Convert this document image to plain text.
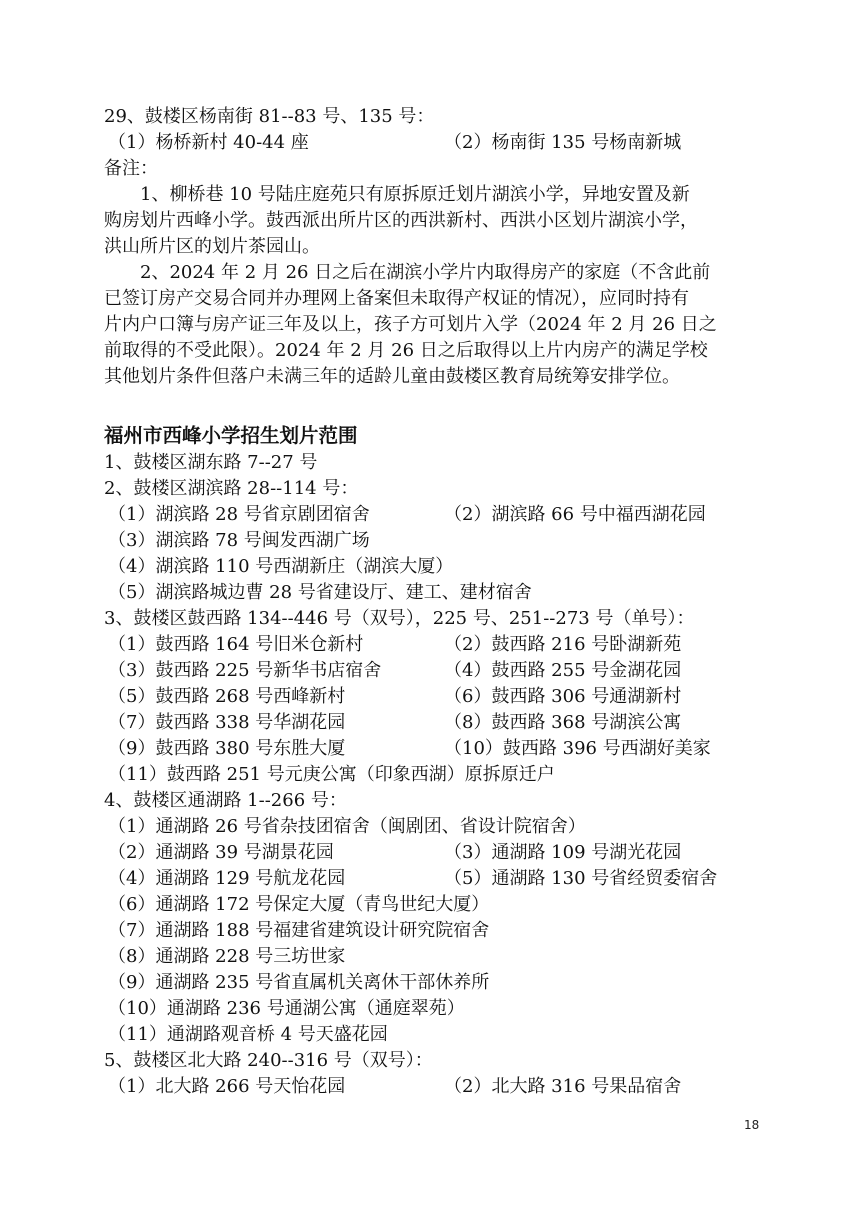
29、鼓楼区杨南街 81--83 号、135 号：
（1）杨桥新村 40-44 座	（2）杨南街 135 号杨南新城
备注：
1、柳桥巷 10 号陆庄庭苑只有原拆原迁划片湖滨小学，异地安置及新
购房划片西峰小学。鼓西派出所片区的西洪新村、西洪小区划片湖滨小学，
洪山所片区的划片茶园山。
2、2024 年 2 月 26 日之后在湖滨小学片内取得房产的家庭（不含此前
已签订房产交易合同并办理网上备案但未取得产权证的情况），应同时持有
片内户口簿与房产证三年及以上，孩子方可划片入学（2024 年 2 月 26 日之
前取得的不受此限）。2024 年 2 月 26 日之后取得以上片内房产的满足学校
其他划片条件但落户未满三年的适龄儿童由鼓楼区教育局统筹安排学位。
福州市西峰小学招生划片范围
1、鼓楼区湖东路 7--27 号
2、鼓楼区湖滨路 28--114 号：
（1）湖滨路 28 号省京剧团宿舍	（2）湖滨路 66 号中福西湖花园
（3）湖滨路 78 号闽发西湖广场
（4）湖滨路 110 号西湖新庄（湖滨大厦）
（5）湖滨路城边曹 28 号省建设厅、建工、建材宿舍
3、鼓楼区鼓西路 134--446 号（双号），225 号、251--273 号（单号）：
（1）鼓西路 164 号旧米仓新村	（2）鼓西路 216 号卧湖新苑
（3）鼓西路 225 号新华书店宿舍	（4）鼓西路 255 号金湖花园
（5）鼓西路 268 号西峰新村	（6）鼓西路 306 号通湖新村
（7）鼓西路 338 号华湖花园	（8）鼓西路 368 号湖滨公寓
（9）鼓西路 380 号东胜大厦	（10）鼓西路 396 号西湖好美家
（11）鼓西路 251 号元庚公寓（印象西湖）原拆原迁户
4、鼓楼区通湖路 1--266 号：
（1）通湖路 26 号省杂技团宿舍（闽剧团、省设计院宿舍）
（2）通湖路 39 号湖景花园	（3）通湖路 109 号湖光花园
（4）通湖路 129 号航龙花园	（5）通湖路 130 号省经贸委宿舍
（6）通湖路 172 号保定大厦（青鸟世纪大厦）
（7）通湖路 188 号福建省建筑设计研究院宿舍
（8）通湖路 228 号三坊世家
（9）通湖路 235 号省直属机关离休干部休养所
（10）通湖路 236 号通湖公寓（通庭翠苑）
（11）通湖路观音桥 4 号天盛花园
5、鼓楼区北大路 240--316 号（双号）：
（1）北大路 266 号天怡花园	（2）北大路 316 号果品宿舍
18
